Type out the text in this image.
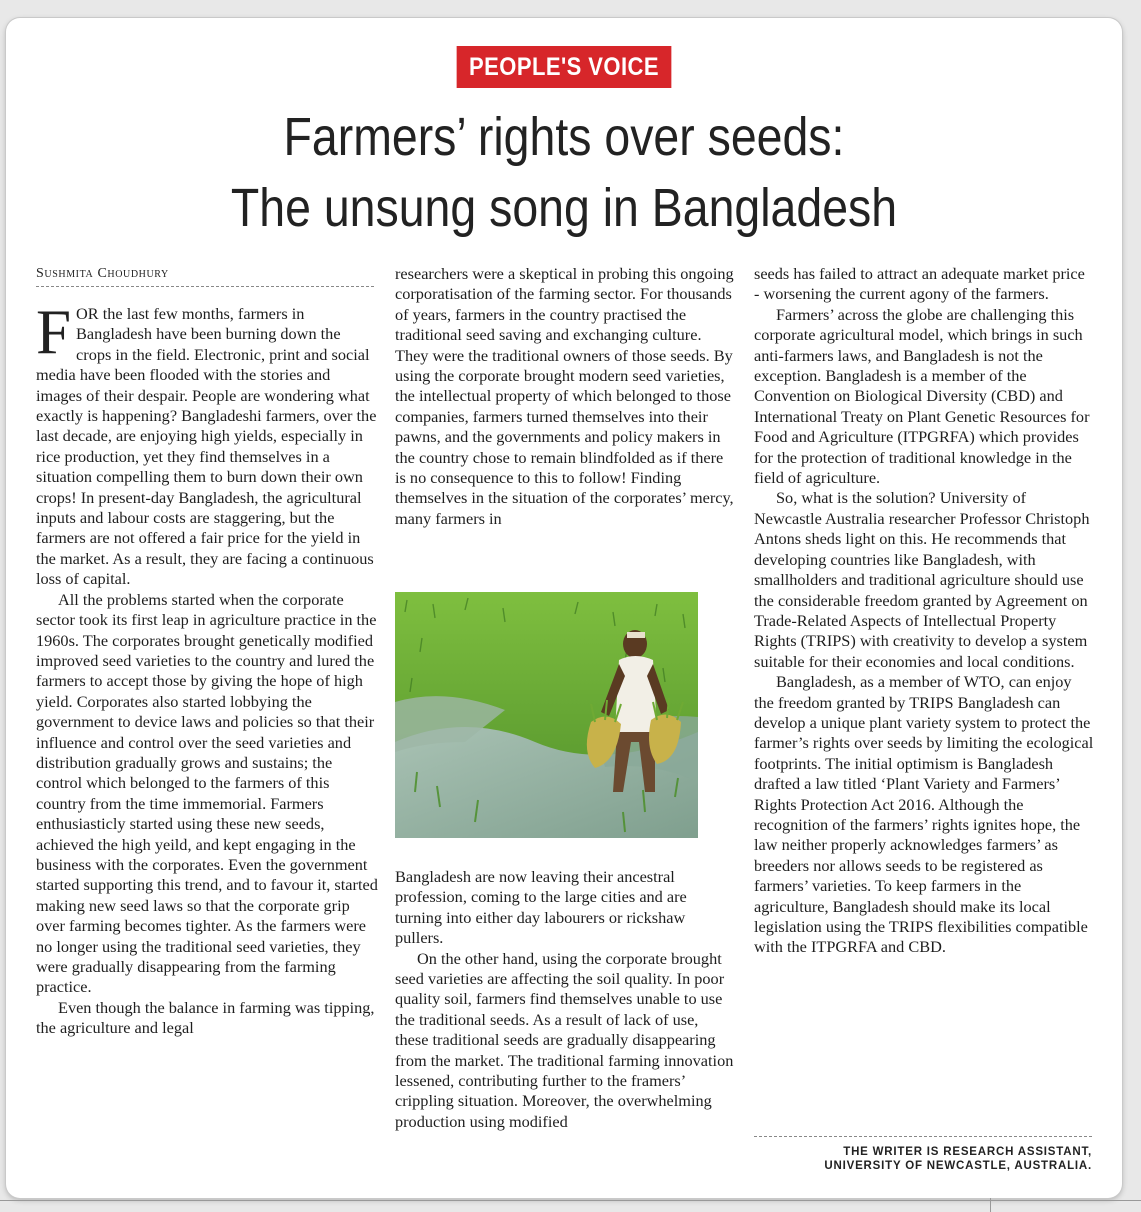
PEOPLE'S VOICE
Farmers’ rights over seeds:
The unsung song in Bangladesh
Sushmita Choudhury

FOR the last few months, farmers in Bangladesh have been burning down the crops in the field. Electronic, print and social media have been flooded with the stories and images of their despair. People are wondering what exactly is happening? Bangladeshi farmers, over the last decade, are enjoying high yields, especially in rice production, yet they find themselves in a situation compelling them to burn down their own crops! In present-day Bangladesh, the agricultural inputs and labour costs are staggering, but the farmers are not offered a fair price for the yield in the market. As a result, they are facing a continuous loss of capital.

All the problems started when the corporate sector took its first leap in agriculture practice in the 1960s. The corporates brought genetically modified improved seed varieties to the country and lured the farmers to accept those by giving the hope of high yield. Corporates also started lobbying the government to device laws and policies so that their influence and control over the seed varieties and distribution gradually grows and sustains; the control which belonged to the farmers of this country from the time immemorial. Farmers enthusiasticly started using these new seeds, achieved the high yeild, and kept engaging in the business with the corporates. Even the government started supporting this trend, and to favour it, started making new seed laws so that the corporate grip over farming becomes tighter. As the farmers were no longer using the traditional seed varieties, they were gradually disappearing from the farming practice.

Even though the balance in farming was tipping, the agriculture and legal

researchers were a skeptical in probing this ongoing corporatisation of the farming sector. For thousands of years, farmers in the country practised the traditional seed saving and exchanging culture. They were the traditional owners of those seeds. By using the corporate brought modern seed varieties, the intellectual property of which belonged to those companies, farmers turned themselves into their pawns, and the governments and policy makers in the country chose to remain blindfolded as if there is no consequence to this to follow! Finding themselves in the situation of the corporates’ mercy, many farmers in

Bangladesh are now leaving their ancestral profession, coming to the large cities and are turning into either day labourers or rickshaw pullers.

On the other hand, using the corporate brought seed varieties are affecting the soil quality. In poor quality soil, farmers find themselves unable to use the traditional seeds. As a result of lack of use, these traditional seeds are gradually disappearing from the market. The traditional farming innovation lessened, contributing further to the framers’ crippling situation. Moreover, the overwhelming production using modified

seeds has failed to attract an adequate market price - worsening the current agony of the farmers.

Farmers’ across the globe are challenging this corporate agricultural model, which brings in such anti-farmers laws, and Bangladesh is not the exception. Bangladesh is a member of the Convention on Biological Diversity (CBD) and International Treaty on Plant Genetic Resources for Food and Agriculture (ITPGRFA) which provides for the protection of traditional knowledge in the field of agriculture.

So, what is the solution? University of Newcastle Australia researcher Professor Christoph Antons sheds light on this. He recommends that developing countries like Bangladesh, with smallholders and traditional agriculture should use the considerable freedom granted by Agreement on Trade-Related Aspects of Intellectual Property Rights (TRIPS) with creativity to develop a system suitable for their economies and local conditions.

Bangladesh, as a member of WTO, can enjoy the freedom granted by TRIPS Bangladesh can develop a unique plant variety system to protect the farmer’s rights over seeds by limiting the ecological footprints. The initial optimism is Bangladesh drafted a law titled ‘Plant Variety and Farmers’ Rights Protection Act 2016. Although the recognition of the farmers’ rights ignites hope, the law neither properly acknowledges farmers’ as breeders nor allows seeds to be registered as farmers’ varieties. To keep farmers in the agriculture, Bangladesh should make its local legislation using the TRIPS flexibilities compatible with the ITPGRFA and CBD.

THE WRITER IS RESEARCH ASSISTANT,
UNIVERSITY OF NEWCASTLE, AUSTRALIA.
